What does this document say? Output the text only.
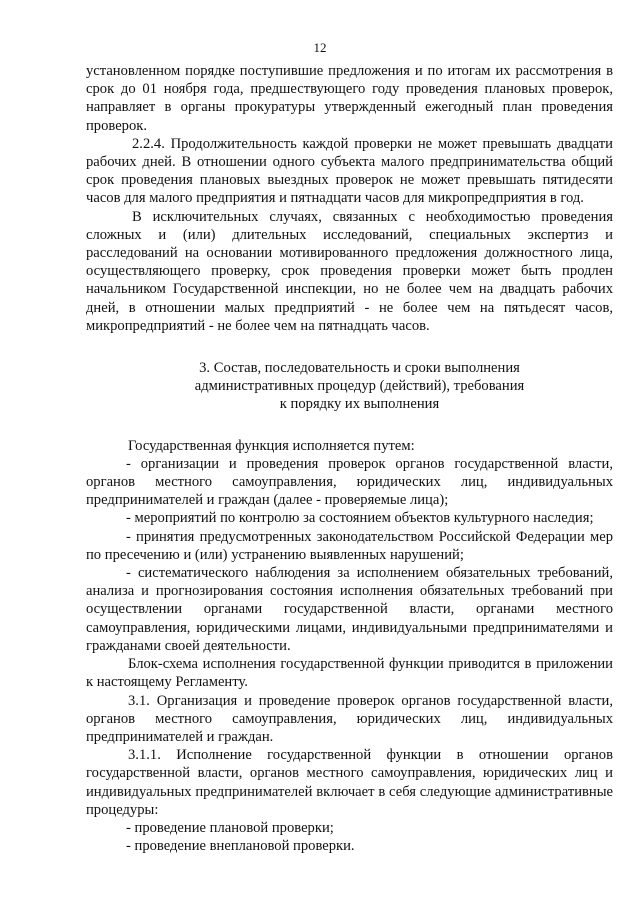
12

установленном порядке поступившие предложения и по итогам их рассмотрения в срок до 01 ноября года, предшествующего году проведения плановых проверок, направляет в органы прокуратуры утвержденный ежегодный план проведения проверок.

2.2.4. Продолжительность каждой проверки не может превышать двадцати рабочих дней. В отношении одного субъекта малого предпринимательства общий срок проведения плановых выездных проверок не может превышать пятидесяти часов для малого предприятия и пятнадцати часов для микропредприятия в год.

В исключительных случаях, связанных с необходимостью проведения сложных и (или) длительных исследований, специальных экспертиз и расследований на основании мотивированного предложения должностного лица, осуществляющего проверку, срок проведения проверки может быть продлен начальником Государственной инспекции, но не более чем на двадцать рабочих дней, в отношении малых предприятий - не более чем на пятьдесят часов, микропредприятий - не более чем на пятнадцать часов.

3. Состав, последовательность и сроки выполнения
административных процедур (действий), требования
к порядку их выполнения

Государственная функция исполняется путем:

- организации и проведения проверок органов государственной власти, органов местного самоуправления, юридических лиц, индивидуальных предпринимателей и граждан (далее - проверяемые лица);

- мероприятий по контролю за состоянием объектов культурного наследия;

- принятия предусмотренных законодательством Российской Федерации мер по пресечению и (или) устранению выявленных нарушений;

- систематического наблюдения за исполнением обязательных требований, анализа и прогнозирования состояния исполнения обязательных требований при осуществлении органами государственной власти, органами местного самоуправления, юридическими лицами, индивидуальными предпринимателями и гражданами своей деятельности.

Блок-схема исполнения государственной функции приводится в приложении к настоящему Регламенту.

3.1. Организация и проведение проверок органов государственной власти, органов местного самоуправления, юридических лиц, индивидуальных предпринимателей и граждан.

3.1.1. Исполнение государственной функции в отношении органов государственной власти, органов местного самоуправления, юридических лиц и индивидуальных предпринимателей включает в себя следующие административные процедуры:

- проведение плановой проверки;

- проведение внеплановой проверки.
